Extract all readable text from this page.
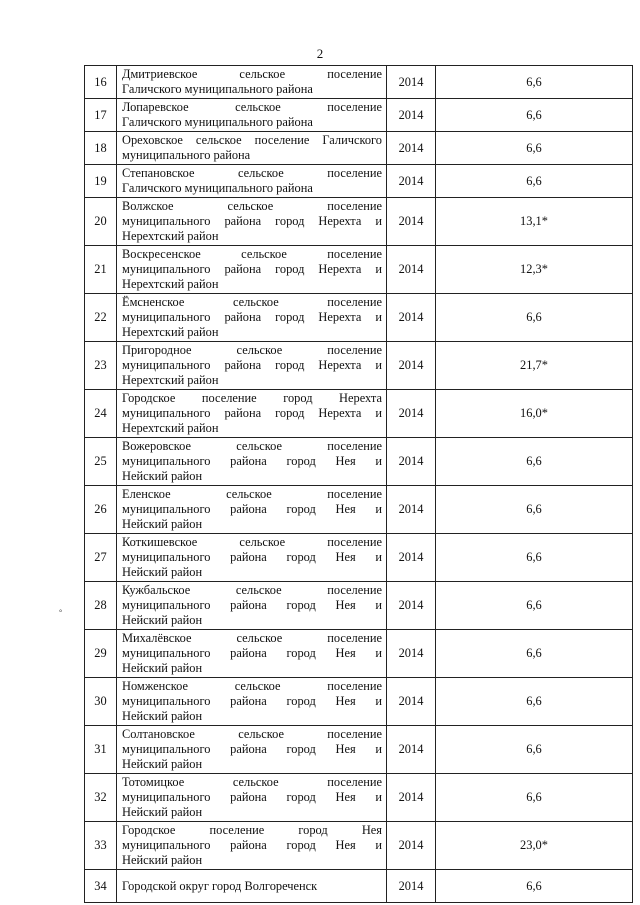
2
°
16	Дмитриевское сельское поселение
Галичского муниципального района	2014	6,6
17	Лопаревское сельское поселение
Галичского муниципального района	2014	6,6
18	Ореховское сельское поселение Галичского
муниципального района	2014	6,6
19	Степановское сельское поселение
Галичского муниципального района	2014	6,6
20	Волжское сельское поселение
муниципального района город Нерехта и
Нерехтский район	2014	13,1*
21	Воскресенское сельское поселение
муниципального района город Нерехта и
Нерехтский район	2014	12,3*
22	Ёмсненское сельское поселение
муниципального района город Нерехта и
Нерехтский район	2014	6,6
23	Пригородное сельское поселение
муниципального района город Нерехта и
Нерехтский район	2014	21,7*
24	Городское поселение город Нерехта
муниципального района город Нерехта и
Нерехтский район	2014	16,0*
25	Вожеровское сельское поселение
муниципального района город Нея и
Нейский район	2014	6,6
26	Еленское сельское поселение
муниципального района город Нея и
Нейский район	2014	6,6
27	Коткишевское сельское поселение
муниципального района город Нея и
Нейский район	2014	6,6
28	Кужбальское сельское поселение
муниципального района город Нея и
Нейский район	2014	6,6
29	Михалёвское сельское поселение
муниципального района город Нея и
Нейский район	2014	6,6
30	Номженское сельское поселение
муниципального района город Нея и
Нейский район	2014	6,6
31	Солтановское сельское поселение
муниципального района город Нея и
Нейский район	2014	6,6
32	Тотомицкое сельское поселение
муниципального района город Нея и
Нейский район	2014	6,6
33	Городское поселение город Нея
муниципального района город Нея и
Нейский район	2014	23,0*
34	Городской округ город Волгореченск	2014	6,6
